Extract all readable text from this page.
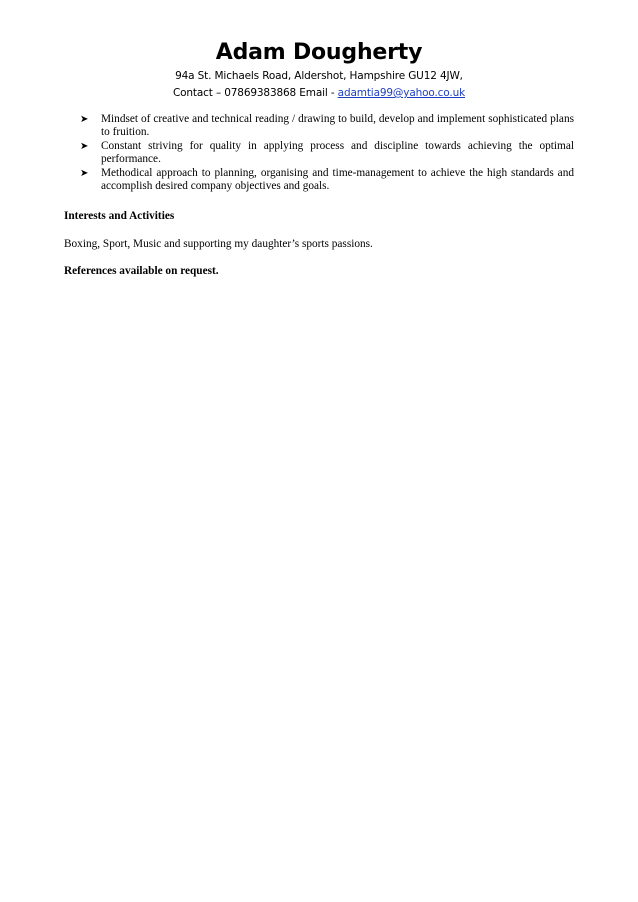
Adam Dougherty
94a St. Michaels Road, Aldershot, Hampshire GU12 4JW,
Contact – 07869383868 Email - adamtia99@yahoo.co.uk
➤ Mindset of creative and technical reading / drawing to build, develop and implement sophisticated plans to fruition.
➤ Constant striving for quality in applying process and discipline towards achieving the optimal performance.
➤ Methodical approach to planning, organising and time-management to achieve the high standards and accomplish desired company objectives and goals.
Interests and Activities
Boxing, Sport, Music and supporting my daughter’s sports passions.
References available on request.
